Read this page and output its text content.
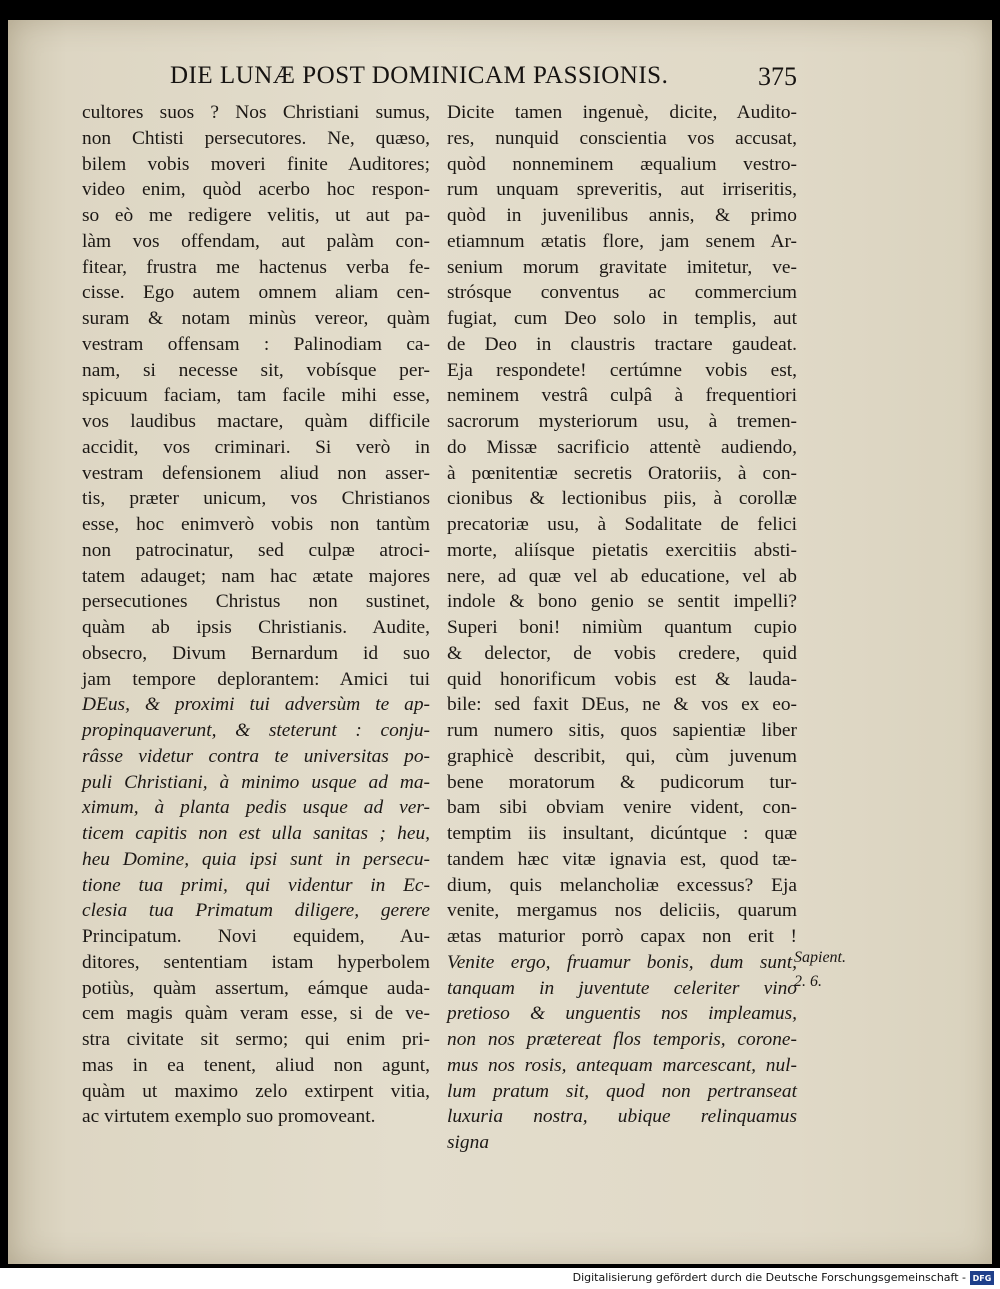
DIE LUNÆ POST DOMINICAM PASSIONIS.	375
cultores suos ? Nos Christiani sumus,
non Chtisti persecutores. Ne, quæso,
bilem vobis moveri finite Auditores;
video enim, quòd acerbo hoc respon-
so eò me redigere velitis, ut aut pa-
làm vos offendam, aut palàm con-
fitear, frustra me hactenus verba fe-
cisse. Ego autem omnem aliam cen-
suram & notam minùs vereor, quàm
vestram offensam : Palinodiam ca-
nam, si necesse sit, vobísque per-
spicuum faciam, tam facile mihi esse,
vos laudibus mactare, quàm difficile
accidit, vos criminari. Si verò in
vestram defensionem aliud non asser-
tis, præter unicum, vos Christianos
esse, hoc enimverò vobis non tantùm
non patrocinatur, sed culpæ atroci-
tatem adauget; nam hac ætate majores
persecutiones Christus non sustinet,
quàm ab ipsis Christianis. Audite,
obsecro, Divum Bernardum id suo
jam tempore deplorantem: Amici tui
DEus, & proximi tui adversùm te ap-
propinquaverunt, & steterunt : conju-
râsse videtur contra te universitas po-
puli Christiani, à minimo usque ad ma-
ximum, à planta pedis usque ad ver-
ticem capitis non est ulla sanitas ; heu,
heu Domine, quia ipsi sunt in persecu-
tione tua primi, qui videntur in Ec-
clesia tua Primatum diligere, gerere
Principatum. Novi equidem, Au-
ditores, sententiam istam hyperbolem
potiùs, quàm assertum, eámque auda-
cem magis quàm veram esse, si de ve-
stra civitate sit sermo; qui enim pri-
mas in ea tenent, aliud non agunt,
quàm ut maximo zelo extirpent vitia,
ac virtutem exemplo suo promoveant.
Dicite tamen ingenuè, dicite, Audito-
res, nunquid conscientia vos accusat,
quòd nonneminem æqualium vestro-
rum unquam spreveritis, aut irriseritis,
quòd in juvenilibus annis, & primo
etiamnum ætatis flore, jam senem Ar-
senium morum gravitate imitetur, ve-
strósque conventus ac commercium
fugiat, cum Deo solo in templis, aut
de Deo in claustris tractare gaudeat.
Eja respondete! certúmne vobis est,
neminem vestrâ culpâ à frequentiori
sacrorum mysteriorum usu, à tremen-
do Missæ sacrificio attentè audiendo,
à pœnitentiæ secretis Oratoriis, à con-
cionibus & lectionibus piis, à corollæ
precatoriæ usu, à Sodalitate de felici
morte, aliísque pietatis exercitiis absti-
nere, ad quæ vel ab educatione, vel ab
indole & bono genio se sentit impelli?
Superi boni! nimiùm quantum cupio
& delector, de vobis credere, quid
quid honorificum vobis est & lauda-
bile: sed faxit DEus, ne & vos ex eo-
rum numero sitis, quos sapientiæ liber
graphicè describit, qui, cùm juvenum
bene moratorum & pudicorum tur-
bam sibi obviam venire vident, con-
temptim iis insultant, dicúntque : quæ
tandem hæc vitæ ignavia est, quod tæ-
dium, quis melancholiæ excessus? Eja
venite, mergamus nos deliciis, quarum
ætas maturior porrò capax non erit !
Venite ergo, fruamur bonis, dum sunt,
tanquam in juventute celeriter vino
pretioso & unguentis nos impleamus,
non nos prætereat flos temporis, corone-
mus nos rosis, antequam marcescant, nul-
lum pratum sit, quod non pertranseat
luxuria nostra, ubique relinquamus
signa
Sapient.
2. 6.
Digitalisierung gefördert durch die Deutsche Forschungsgemeinschaft - DFG
